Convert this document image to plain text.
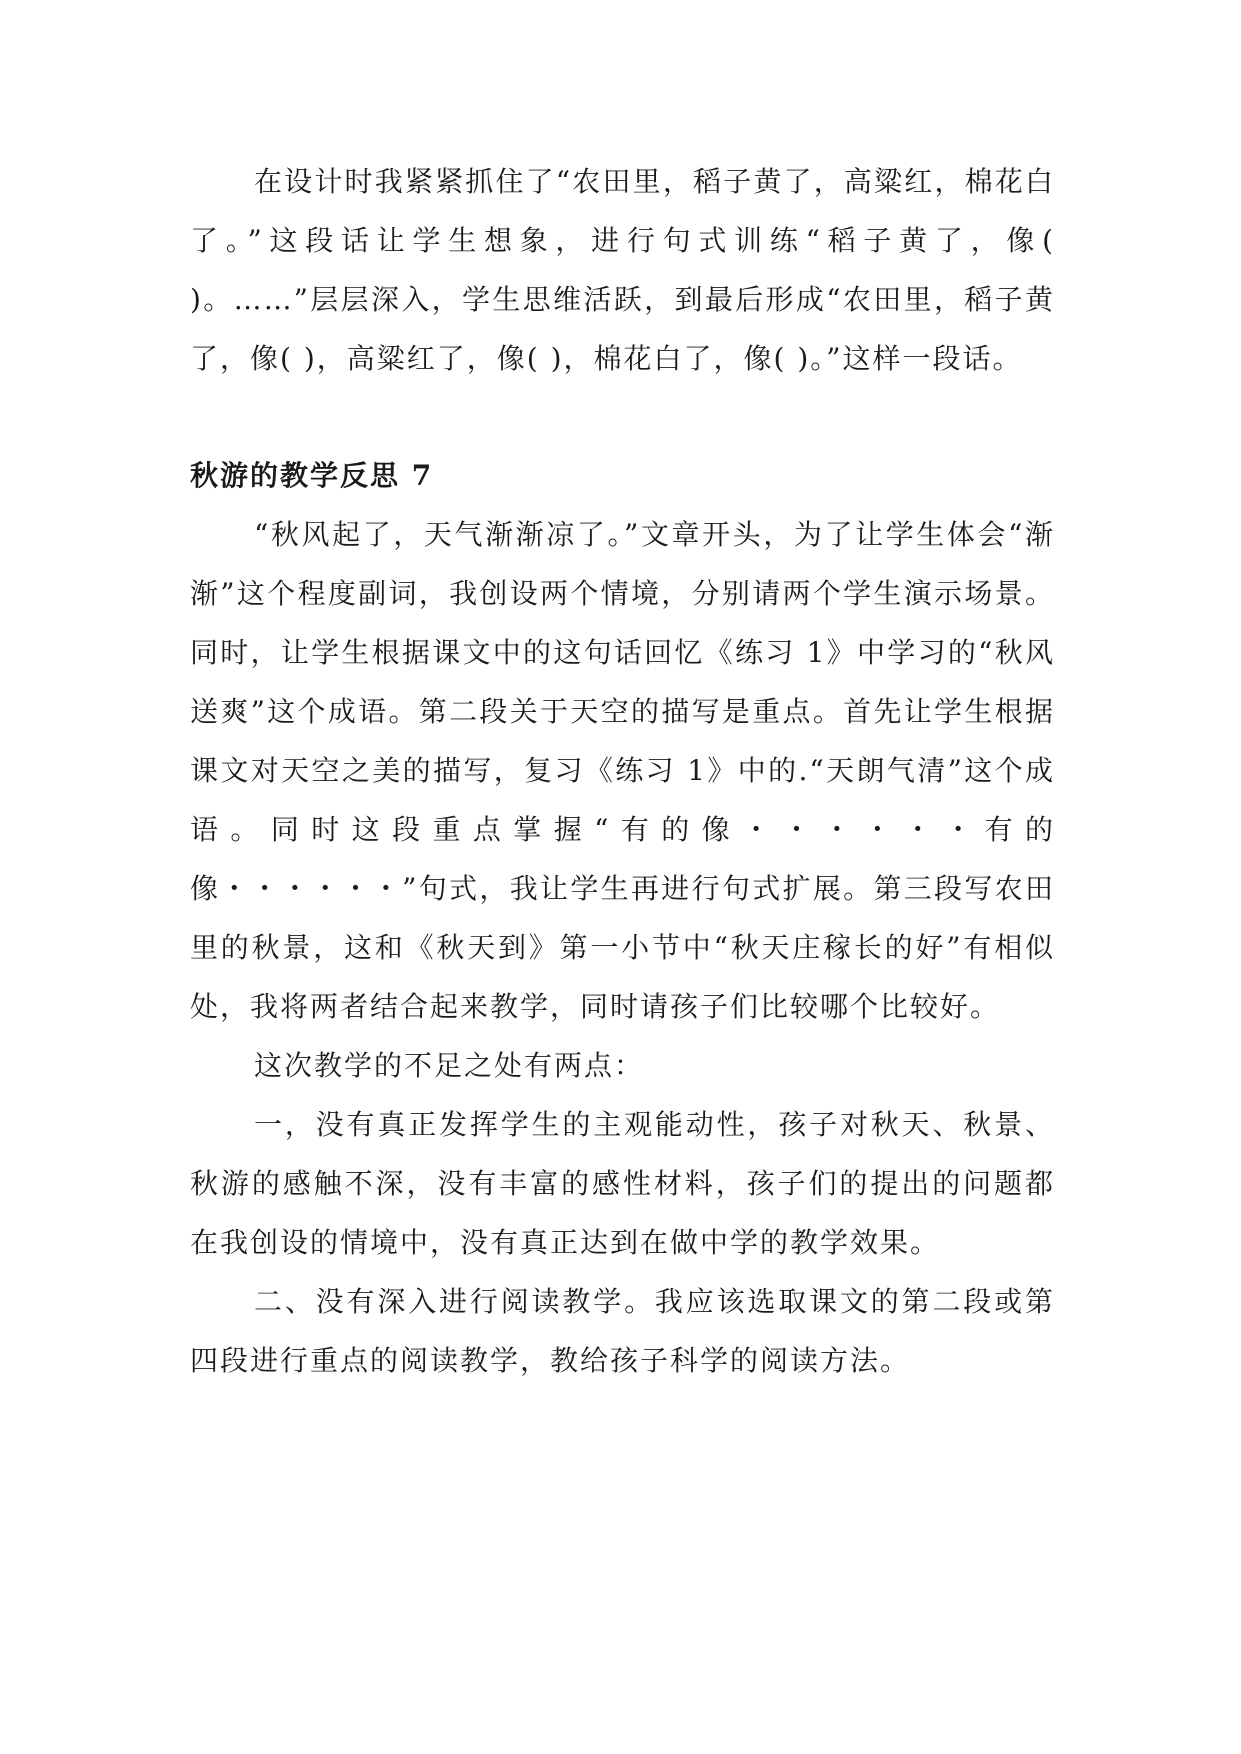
在设计时我紧紧抓住了“农田里，稻子黄了，高粱红，棉花白了。”这段话让学生想象，进行句式训练“稻子黄了，像( )。……”层层深入，学生思维活跃，到最后形成“农田里，稻子黄了，像( )，高粱红了，像( )，棉花白了，像( )。”这样一段话。

秋游的教学反思 7

“秋风起了，天气渐渐凉了。”文章开头，为了让学生体会“渐渐”这个程度副词，我创设两个情境，分别请两个学生演示场景。同时，让学生根据课文中的这句话回忆《练习 1》中学习的“秋风送爽”这个成语。第二段关于天空的描写是重点。首先让学生根据课文对天空之美的描写，复习《练习 1》中的.“天朗气清”这个成语。同时这段重点掌握“有的像・・・・・・有的像・・・・・・”句式，我让学生再进行句式扩展。第三段写农田里的秋景，这和《秋天到》第一小节中“秋天庄稼长的好”有相似处，我将两者结合起来教学，同时请孩子们比较哪个比较好。

这次教学的不足之处有两点：

一，没有真正发挥学生的主观能动性，孩子对秋天、秋景、秋游的感触不深，没有丰富的感性材料，孩子们的提出的问题都在我创设的情境中，没有真正达到在做中学的教学效果。

二、没有深入进行阅读教学。我应该选取课文的第二段或第四段进行重点的阅读教学，教给孩子科学的阅读方法。
